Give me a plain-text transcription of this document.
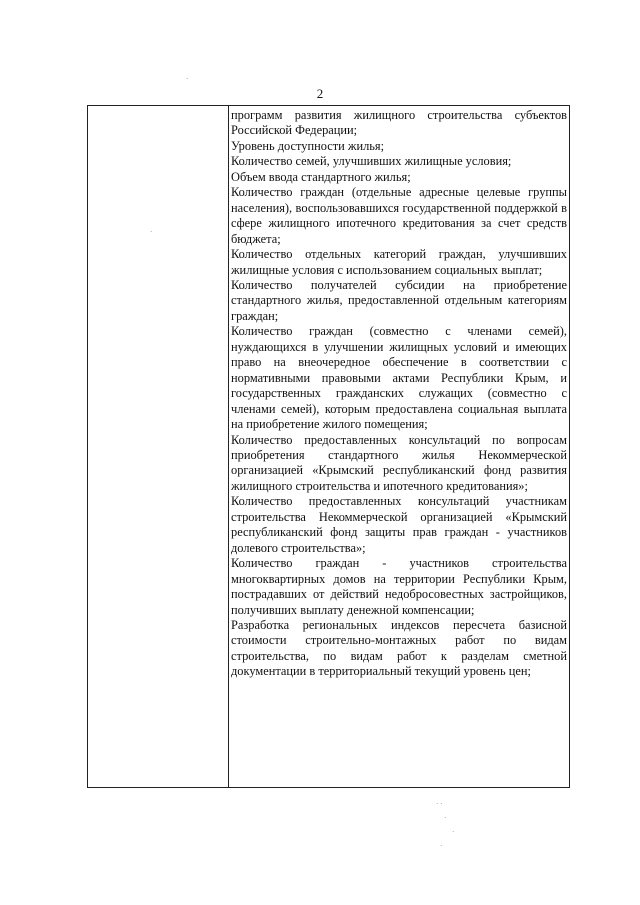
2
программ развития жилищного строительства субъектов Российской Федерации;
Уровень доступности жилья;
Количество семей, улучшивших жилищные условия;
Объем ввода стандартного жилья;
Количество граждан (отдельные адресные целевые группы населения), воспользовавшихся государственной поддержкой в сфере жилищного ипотечного кредитования за счет средств бюджета;
Количество отдельных категорий граждан, улучшивших жилищные условия с использованием социальных выплат;
Количество получателей субсидии на приобретение стандартного жилья, предоставленной отдельным категориям граждан;
Количество граждан (совместно с членами семей), нуждающихся в улучшении жилищных условий и имеющих право на внеочередное обеспечение в соответствии с нормативными правовыми актами Республики Крым, и государственных гражданских служащих (совместно с членами семей), которым предоставлена социальная выплата на приобретение жилого помещения;
Количество предоставленных консультаций по вопросам приобретения стандартного жилья Некоммерческой организацией «Крымский республиканский фонд развития жилищного строительства и ипотечного кредитования»;
Количество предоставленных консультаций участникам строительства Некоммерческой организацией «Крымский республиканский фонд защиты прав граждан - участников долевого строительства»;
Количество граждан - участников строительства многоквартирных домов на территории Республики Крым, пострадавших от действий недобросовестных застройщиков, получивших выплату денежной компенсации;
Разработка региональных индексов пересчета базисной стоимости строительно-монтажных работ по видам строительства, по видам работ к разделам сметной документации в территориальный текущий уровень цен;
·
·
· ·
·
·
·
